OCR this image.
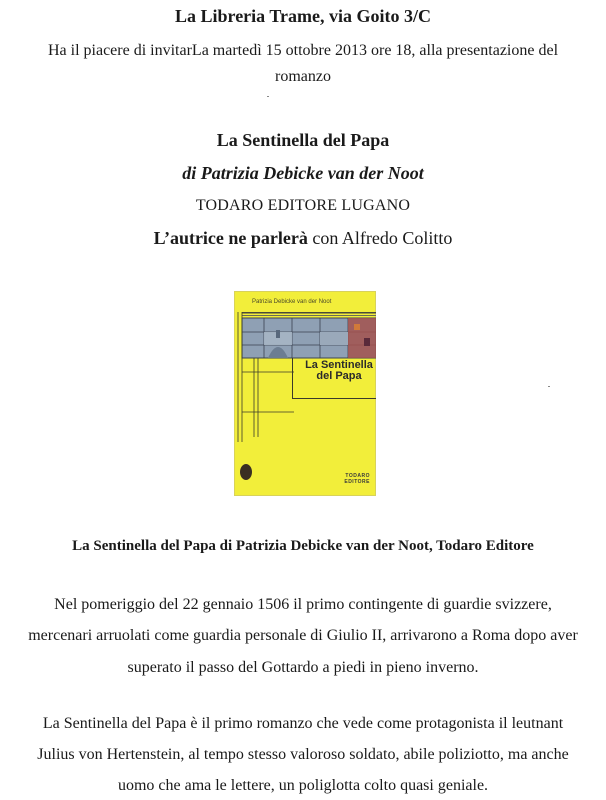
La Libreria Trame, via Goito 3/C
Ha il piacere di invitarLa martedì 15 ottobre 2013 ore 18, alla presentazione del
romanzo
La Sentinella del Papa
di Patrizia Debicke van der Noot
TODARO EDITORE LUGANO
L’autrice ne parlerà con Alfredo Colitto
Patrizia Debicke van der Noot
La Sentinella
del Papa
TODARO EDITORE
La Sentinella del Papa di Patrizia Debicke van der Noot, Todaro Editore
Nel pomeriggio del 22 gennaio 1506 il primo contingente di guardie svizzere,
mercenari arruolati come guardia personale di Giulio II, arrivarono a Roma dopo aver
superato il passo del Gottardo a piedi in pieno inverno.
La Sentinella del Papa è il primo romanzo che vede come protagonista il leutnant
Julius von Hertenstein, al tempo stesso valoroso soldato, abile poliziotto, ma anche
uomo che ama le lettere, un poliglotta colto quasi geniale.
